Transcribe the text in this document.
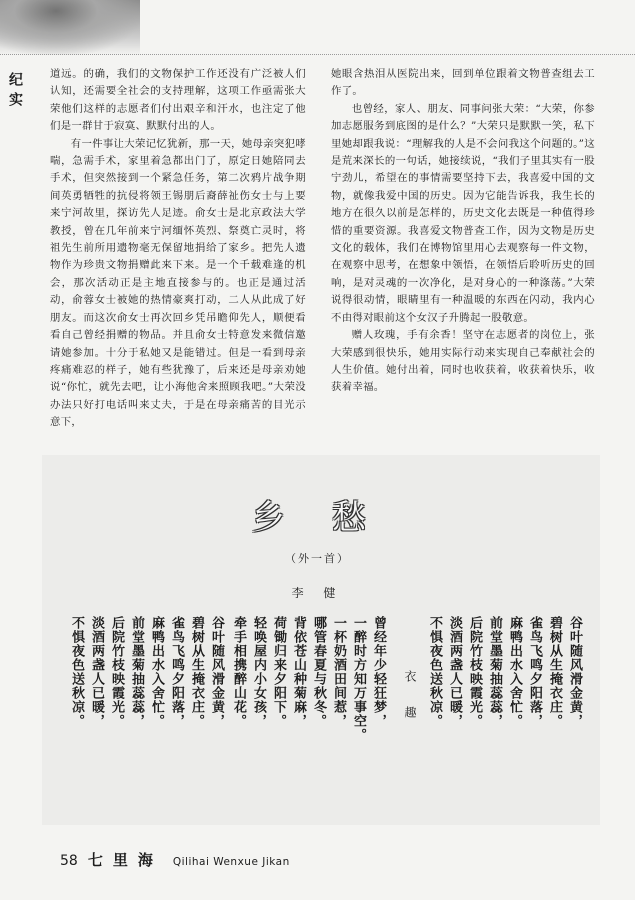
纪实	道远。的确，我们的文物保护工作还没有广泛被人们认知，还需要全社会的支持理解，这项工作亟需张大荣他们这样的志愿者们付出艰辛和汗水，也注定了他们是一群甘于寂寞、默默付出的人。

有一件事让大荣记忆犹新，那一天，她母亲突犯哮喘，急需手术，家里着急都出门了，原定日她陪同去手术，但突然接到一个紧急任务，第二次鸦片战争期间英勇牺牲的抗侵将领王锡朋后裔薛祉伤女士与上要来宁河故里，探访先人足迹。俞女士是北京政法大学教授，曾在几年前来宁河缅怀英烈、祭奠亡灵时，将祖先生前所用遗物毫无保留地捐给了家乡。把先人遗物作为珍贵文物捐赠此来下来。是一个千载难逢的机会，那次活动正是主地直接参与的。也正是通过活动，俞蓉女士被她的热情豪爽打动，二人从此成了好朋友。而这次俞女士再次回乡凭吊瞻仰先人，顺便看看自己曾经捐赠的物品。并且俞女士特意发来微信邀请她参加。十分于私她又是能错过。但是一看到母亲疼痛难忍的样子，她有些犹豫了，后来还是母亲劝她说“你忙，就先去吧，让小海他舍来照顾我吧。”大荣没办法只好打电话叫来丈夫，于是在母亲痛苦的目光示意下，

她眼含热泪从医院出来，回到单位跟着文物普查组去工作了。

也曾经，家人、朋友、同事问张大荣：“大荣，你参加志愿服务到底图的是什么？”大荣只是默默一笑，私下里她却跟我说：“理解我的人是不会问我这个问题的。”这是荒来深长的一句话，她接续说，“我们子里其实有一股宁劲儿，希望在的事情需要坚持下去，我喜爱中国的文物，就像我爱中国的历史。因为它能告诉我，我生长的地方在很久以前是怎样的，历史文化去既是一种值得珍惜的重要资源。我喜爱文物普查工作，因为文物是历史文化的载体，我们在博物馆里用心去观察每一件文物，在观察中思考，在想象中领悟，在领悟后聆听历史的回响，是对灵魂的一次净化，是对身心的一种涤荡。”大荣说得很动情，眼睛里有一种温暖的东西在闪动，我内心不由得对眼前这个女汉子升腾起一股敬意。

赠人玫瑰，手有余香！坚守在志愿者的岗位上，张大荣感到很快乐，她用实际行动来实现自己奉献社会的人生价值。她付出着，同时也收获着，收获着快乐，收获着幸福。

乡 愁
（外一首）
李 健
谷叶随风滑金黄，
碧树从生掩衣庄。
雀鸟飞鸣夕阳落，
麻鸭出水入舍忙。
前堂墨菊抽蕊蕊，
后院竹枝映霞光。
淡酒两盏人已暖，
不惧夜色送秋凉。	衣 趣
曾经年少轻狂梦，
一醉时方知万事空。
一杯奶酒田间惹，
哪管春夏与秋冬。
背依苍山种菊麻，
荷锄归来夕阳下。
轻唤屋内小女孩，
牵手相携醉山花。	谷叶随风滑金黄，
碧树从生掩衣庄。
雀鸟飞鸣夕阳落，
麻鸭出水入舍忙。
前堂墨菊抽蕊蕊，
后院竹枝映霞光。
淡酒两盏人已暖，
不惧夜色送秋凉。
58 七里海 Qilihai Wenxue Jikan
